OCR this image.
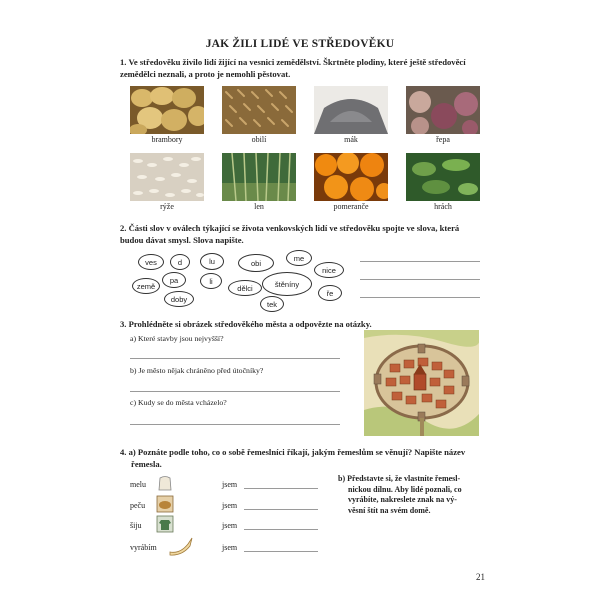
JAK ŽILI LIDÉ VE STŘEDOVĚKU
1. Ve středověku živilo lidí žijící na vesnici zemědělství. Škrtněte plodiny, které ještě středověcí
zemědělci neznali, a proto je nemohli pěstovat.
brambory	obilí	mák	řepa
rýže	len	pomeranče	hrách
2. Části slov v oválech týkající se života venkovských lidí ve středověku spojte ve slova, která
budou dávat smysl. Slova napište.
ves	d	lu	obi
me
nice
země
pa	li
dělci	štěníny
ře
doby
tek
3. Prohlédněte si obrázek středověkého města a odpovězte na otázky.
a) Které stavby jsou nejvyšší?
b) Je město nějak chráněno před útočníky?
c) Kudy se do města vcházelo?
4. a) Poznáte podle toho, co o sobě řemeslníci říkají, jakým řemeslům se věnují? Napište název
řemesla.
melu	jsem
peču	jsem
šiju	jsem
vyrábím	jsem
b) Představte si, že vlastníte řemesl-
nickou dílnu. Aby lidé poznali, co
vyrábíte, nakreslete znak na vý-
věsní štít na svém domě.
21
